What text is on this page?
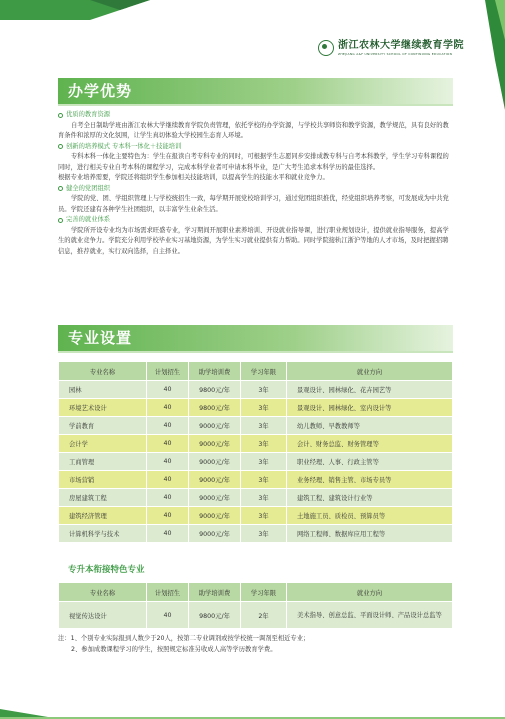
浙江农林大学继续教育学院
ZHEJIANG A&F UNIVERSITY SCHOOL OF CONTINUING EDUCATION
办学优势
优质的教育资源

自考全日制助学班由浙江农林大学继续教育学院负责管理，依托学校的办学资源，与学校共享师资和教学资源，教学规范，具有良好的教育条件和浓厚的文化氛围，让学生真切体验大学校园生态育人环境。

创新的培养模式 专本科一体化＋技能培训

专科本科一体化主要特色为：学生在报读自考专科专业的同时，可根据学生志愿同步安排成教专科与自考本科教学，学生学习专科课程的同时，进行相关专业自考本科的课程学习，完成本科学业者可申请本科毕业，是广大考生追求本科学历的最佳选择。

根据专业培养需要，学院还将组织学生参加相关技能培训，以提高学生的技能水平和就业竞争力。

健全的党团组织

学院的党、团、学组织管理上与学校统招生一致，每学期开展党校培训学习，通过党团组织推优，经党组织培养考察，可发展成为中共党员。学院还建有各种学生社团组织，以丰富学生业余生活。

完善的就业体系

学院所开设专业均为市场需求旺盛专业，学习期间开展职业素养培训、开设就业指导课，进行职业规划设计，提供就业指导服务，提高学生的就业竞争力。学院充分利用学校毕业实习基地资源，为学生实习就业提供有力帮助。同时学院接轨江浙沪等地的人才市场，及时把握招聘信息，推荐就业，实行双向选择，自主择业。

专业设置
专业名称	计划招生	助学培训费	学习年限	就业方向
园林	40	9800元/年	3年	景观设计、园林绿化、花卉园艺等
环境艺术设计	40	9800元/年	3年	景观设计、园林绿化、室内设计等
学前教育	40	9000元/年	3年	幼儿教师、早教教师等
会计学	40	9000元/年	3年	会计、财务总监、财务管理等
工商管理	40	9000元/年	3年	职业经理、人事、行政主管等
市场营销	40	9000元/年	3年	业务经理、销售主管、市场专员等
房屋建筑工程	40	9000元/年	3年	建筑工程、建筑设计行业等
建筑经济管理	40	9000元/年	3年	土地施工员、质检员、预算员等
计算机科学与技术	40	9000元/年	3年	网络工程师、数据库应用工程等
专升本衔接特色专业
专业名称	计划招生	助学培训费	学习年限	就业方向
视觉传达设计	40	9800元/年	2年	美术指导、创意总监、平面设计师、产品设计总监等
注：1、个别专业实际报到人数少于20人，按第二专业调剂或按学校统一调剂至相近专业；
2、参加成教课程学习的学生，按照规定标准另收成人高等学历教育学费。
